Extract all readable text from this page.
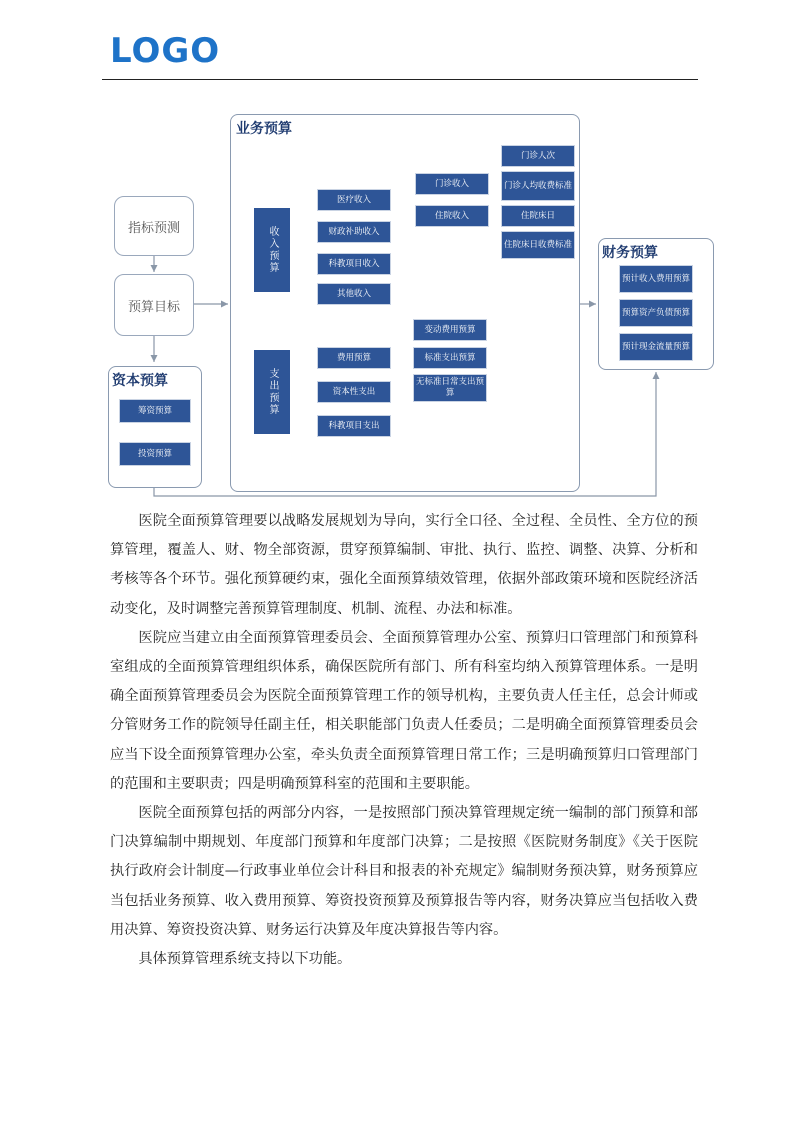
LOGO
指标预测
预算目标
资本预算
筹资预算
投资预算
业务预算
收入预算
医疗收入
财政补助收入
科教项目收入
其他收入
门诊收入
住院收入
门诊人次
门诊人均收费标准
住院床日
住院床日收费标准
支出预算
费用预算
资本性支出
科教项目支出
变动费用预算
标准支出预算
无标准日常支出预算
财务预算
预计收入费用预算
预算资产负债预算
预计现金流量预算

医院全面预算管理要以战略发展规划为导向，实行全口径、全过程、全员性、全方位的预算管理，覆盖人、财、物全部资源，贯穿预算编制、审批、执行、监控、调整、决算、分析和考核等各个环节。强化预算硬约束，强化全面预算绩效管理，依据外部政策环境和医院经济活动变化，及时调整完善预算管理制度、机制、流程、办法和标准。

医院应当建立由全面预算管理委员会、全面预算管理办公室、预算归口管理部门和预算科室组成的全面预算管理组织体系，确保医院所有部门、所有科室均纳入预算管理体系。一是明确全面预算管理委员会为医院全面预算管理工作的领导机构，主要负责人任主任，总会计师或分管财务工作的院领导任副主任，相关职能部门负责人任委员；二是明确全面预算管理委员会应当下设全面预算管理办公室，牵头负责全面预算管理日常工作；三是明确预算归口管理部门的范围和主要职责；四是明确预算科室的范围和主要职能。

医院全面预算包括的两部分内容，一是按照部门预决算管理规定统一编制的部门预算和部门决算编制中期规划、年度部门预算和年度部门决算；二是按照《医院财务制度》《关于医院执行政府会计制度—行政事业单位会计科目和报表的补充规定》编制财务预决算，财务预算应当包括业务预算、收入费用预算、筹资投资预算及预算报告等内容，财务决算应当包括收入费用决算、筹资投资决算、财务运行决算及年度决算报告等内容。

具体预算管理系统支持以下功能。
